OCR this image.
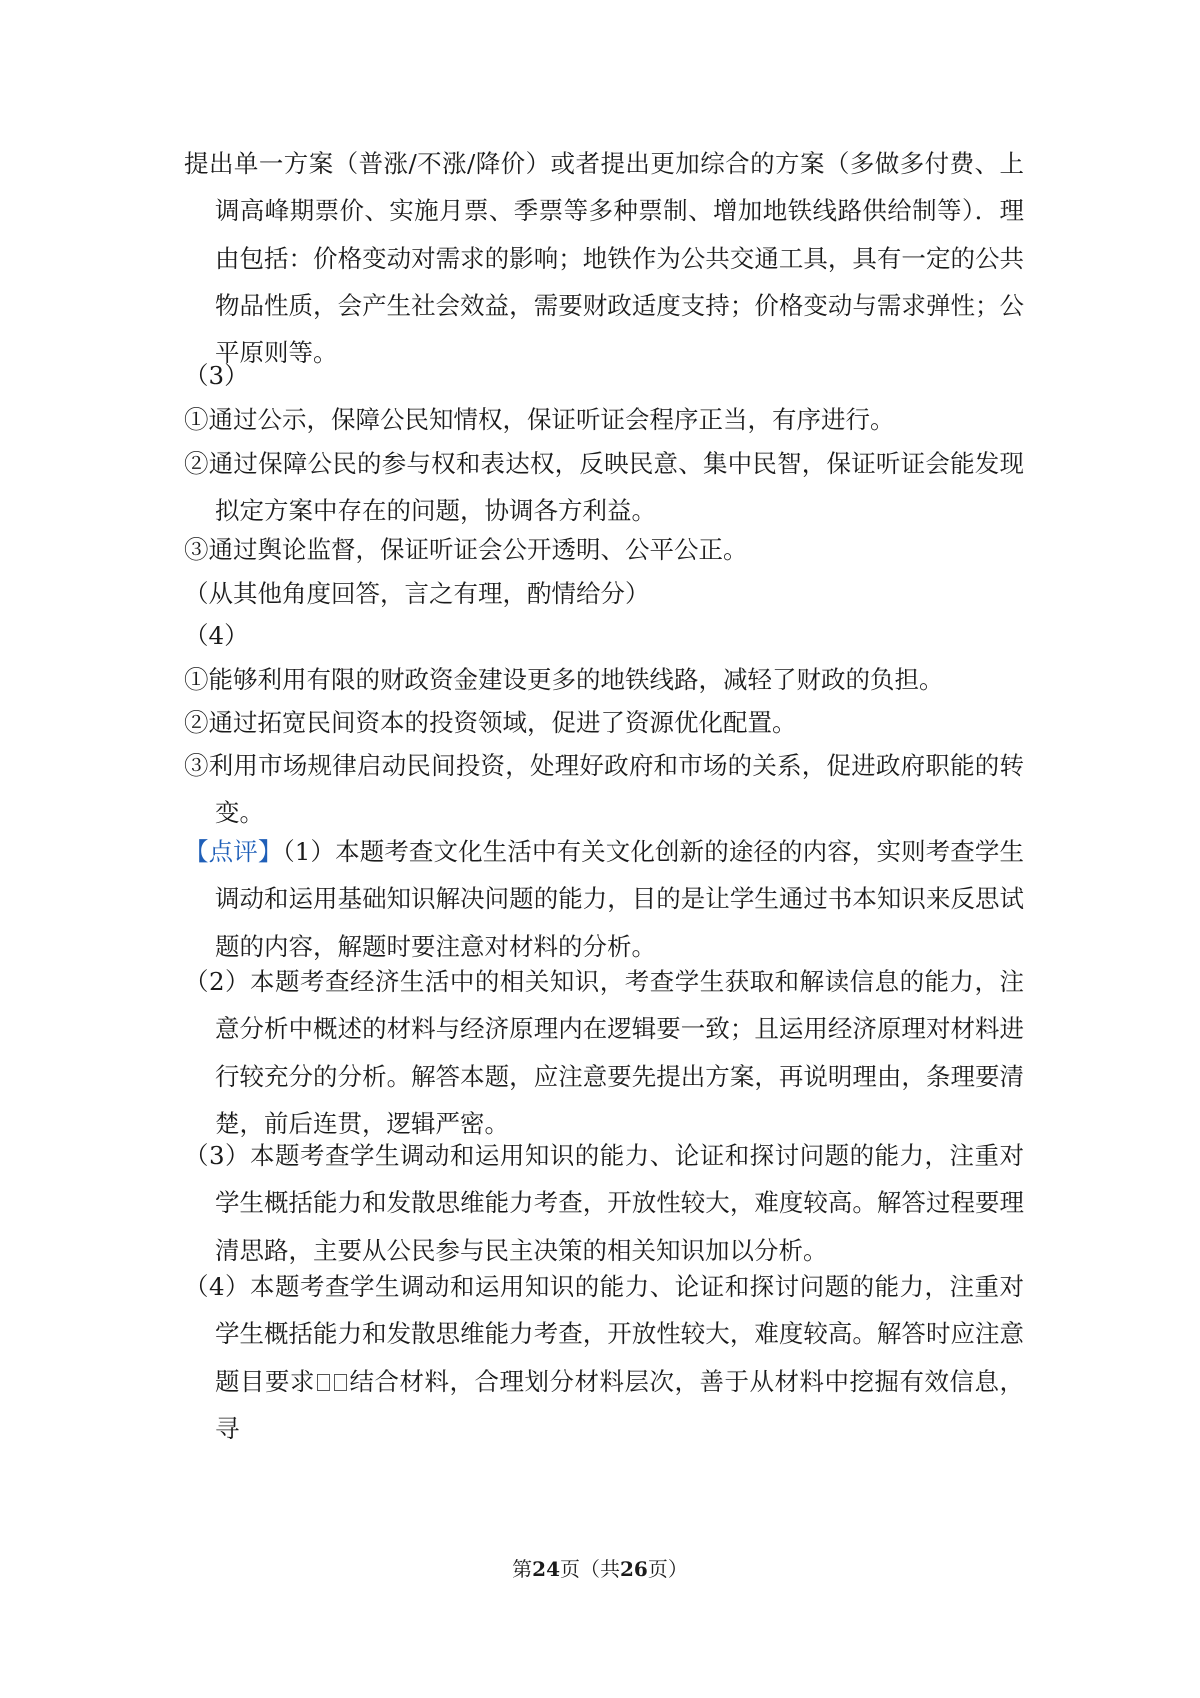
提出单一方案（普涨/不涨/降价）或者提出更加综合的方案（多做多付费、上调高峰期票价、实施月票、季票等多种票制、增加地铁线路供给制等）．理由包括：价格变动对需求的影响；地铁作为公共交通工具，具有一定的公共物品性质，会产生社会效益，需要财政适度支持；价格变动与需求弹性；公平原则等。
（3）
①通过公示，保障公民知情权，保证听证会程序正当，有序进行。
②通过保障公民的参与权和表达权，反映民意、集中民智，保证听证会能发现拟定方案中存在的问题，协调各方利益。
③通过舆论监督，保证听证会公开透明、公平公正。
（从其他角度回答，言之有理，酌情给分）
（4）
①能够利用有限的财政资金建设更多的地铁线路，减轻了财政的负担。
②通过拓宽民间资本的投资领域，促进了资源优化配置。
③利用市场规律启动民间投资，处理好政府和市场的关系，促进政府职能的转变。
【点评】（1）本题考查文化生活中有关文化创新的途径的内容，实则考查学生调动和运用基础知识解决问题的能力，目的是让学生通过书本知识来反思试题的内容，解题时要注意对材料的分析。
（2）本题考查经济生活中的相关知识，考查学生获取和解读信息的能力，注意分析中概述的材料与经济原理内在逻辑要一致；且运用经济原理对材料进行较充分的分析。解答本题，应注意要先提出方案，再说明理由，条理要清楚，前后连贯，逻辑严密。
（3）本题考查学生调动和运用知识的能力、论证和探讨问题的能力，注重对学生概括能力和发散思维能力考查，开放性较大，难度较高。解答过程要理清思路，主要从公民参与民主决策的相关知识加以分析。
（4）本题考查学生调动和运用知识的能力、论证和探讨问题的能力，注重对学生概括能力和发散思维能力考查，开放性较大，难度较高。解答时应注意题目要求 结合材料，合理划分材料层次，善于从材料中挖掘有效信息，寻
第24页（共26页）
